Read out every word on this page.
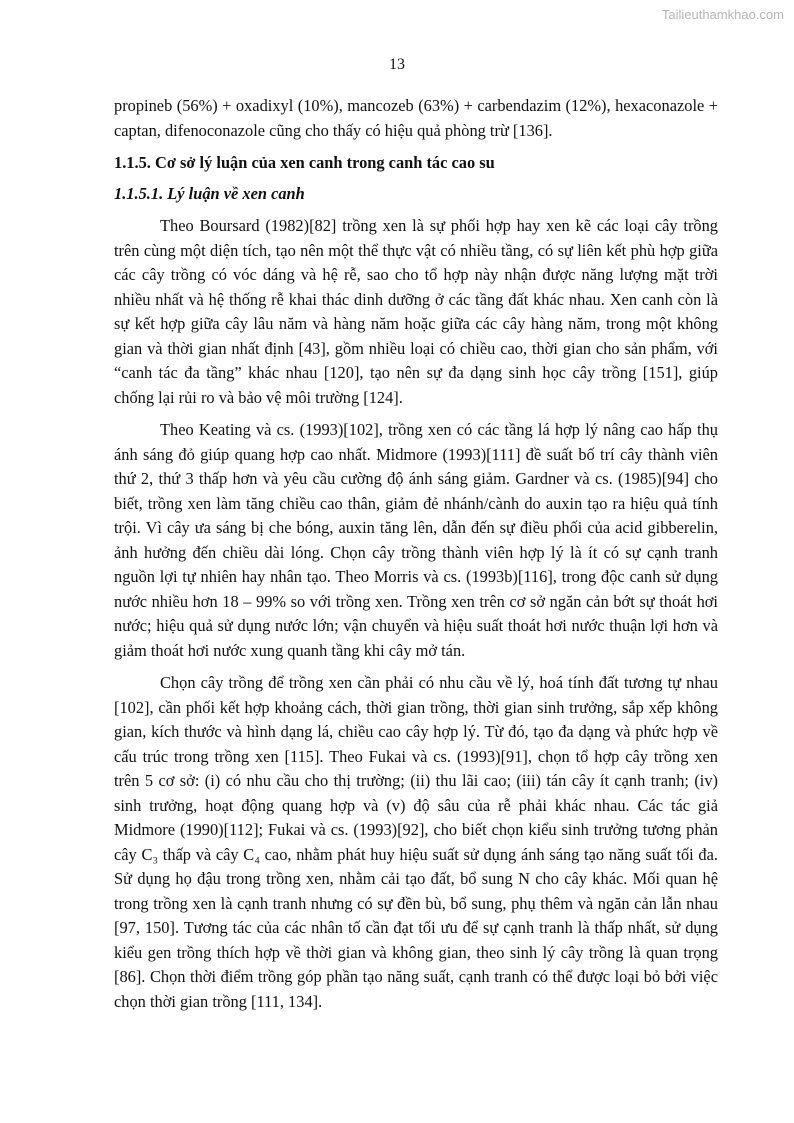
Tailieuthamkhao.com
13

propineb (56%) + oxadixyl (10%), mancozeb (63%) + carbendazim (12%), hexaconazole + captan, difenoconazole cũng cho thấy có hiệu quả phòng trừ [136].

1.1.5. Cơ sở lý luận của xen canh trong canh tác cao su

1.1.5.1. Lý luận về xen canh

Theo Boursard (1982)[82] trồng xen là sự phối hợp hay xen kẽ các loại cây trồng trên cùng một diện tích, tạo nên một thể thực vật có nhiều tầng, có sự liên kết phù hợp giữa các cây trồng có vóc dáng và hệ rễ, sao cho tổ hợp này nhận được năng lượng mặt trời nhiều nhất và hệ thống rễ khai thác dinh dưỡng ở các tầng đất khác nhau. Xen canh còn là sự kết hợp giữa cây lâu năm và hàng năm hoặc giữa các cây hàng năm, trong một không gian và thời gian nhất định [43], gồm nhiều loại có chiều cao, thời gian cho sản phẩm, với “canh tác đa tầng” khác nhau [120], tạo nên sự đa dạng sinh học cây trồng [151], giúp chống lại rủi ro và bảo vệ môi trường [124].

Theo Keating và cs. (1993)[102], trồng xen có các tầng lá hợp lý nâng cao hấp thụ ánh sáng đỏ giúp quang hợp cao nhất. Midmore (1993)[111] đề suất bố trí cây thành viên thứ 2, thứ 3 thấp hơn và yêu cầu cường độ ánh sáng giảm. Gardner và cs. (1985)[94] cho biết, trồng xen làm tăng chiều cao thân, giảm đẻ nhánh/cành do auxin tạo ra hiệu quả tính trội. Vì cây ưa sáng bị che bóng, auxin tăng lên, dẫn đến sự điều phối của acid gibberelin, ảnh hưởng đến chiều dài lóng. Chọn cây trồng thành viên hợp lý là ít có sự cạnh tranh nguồn lợi tự nhiên hay nhân tạo. Theo Morris và cs. (1993b)[116], trong độc canh sử dụng nước nhiều hơn 18 – 99% so với trồng xen. Trồng xen trên cơ sở ngăn cản bớt sự thoát hơi nước; hiệu quả sử dụng nước lớn; vận chuyển và hiệu suất thoát hơi nước thuận lợi hơn và giảm thoát hơi nước xung quanh tầng khi cây mở tán.

Chọn cây trồng để trồng xen cần phải có nhu cầu về lý, hoá tính đất tương tự nhau [102], cần phối kết hợp khoảng cách, thời gian trồng, thời gian sinh trưởng, sắp xếp không gian, kích thước và hình dạng lá, chiều cao cây hợp lý. Từ đó, tạo đa dạng và phức hợp về cấu trúc trong trồng xen [115]. Theo Fukai và cs. (1993)[91], chọn tổ hợp cây trồng xen trên 5 cơ sở: (i) có nhu cầu cho thị trường; (ii) thu lãi cao; (iii) tán cây ít cạnh tranh; (iv) sinh trưởng, hoạt động quang hợp và (v) độ sâu của rễ phải khác nhau. Các tác giả Midmore (1990)[112]; Fukai và cs. (1993)[92], cho biết chọn kiểu sinh trưởng tương phản cây C₃ thấp và cây C₄ cao, nhằm phát huy hiệu suất sử dụng ánh sáng tạo năng suất tối đa. Sử dụng họ đậu trong trồng xen, nhằm cải tạo đất, bổ sung N cho cây khác. Mối quan hệ trong trồng xen là cạnh tranh nhưng có sự đền bù, bổ sung, phụ thêm và ngăn cản lẫn nhau [97, 150]. Tương tác của các nhân tố cần đạt tối ưu để sự cạnh tranh là thấp nhất, sử dụng kiểu gen trồng thích hợp về thời gian và không gian, theo sinh lý cây trồng là quan trọng [86]. Chọn thời điểm trồng góp phần tạo năng suất, cạnh tranh có thể được loại bỏ bởi việc chọn thời gian trồng [111, 134].
